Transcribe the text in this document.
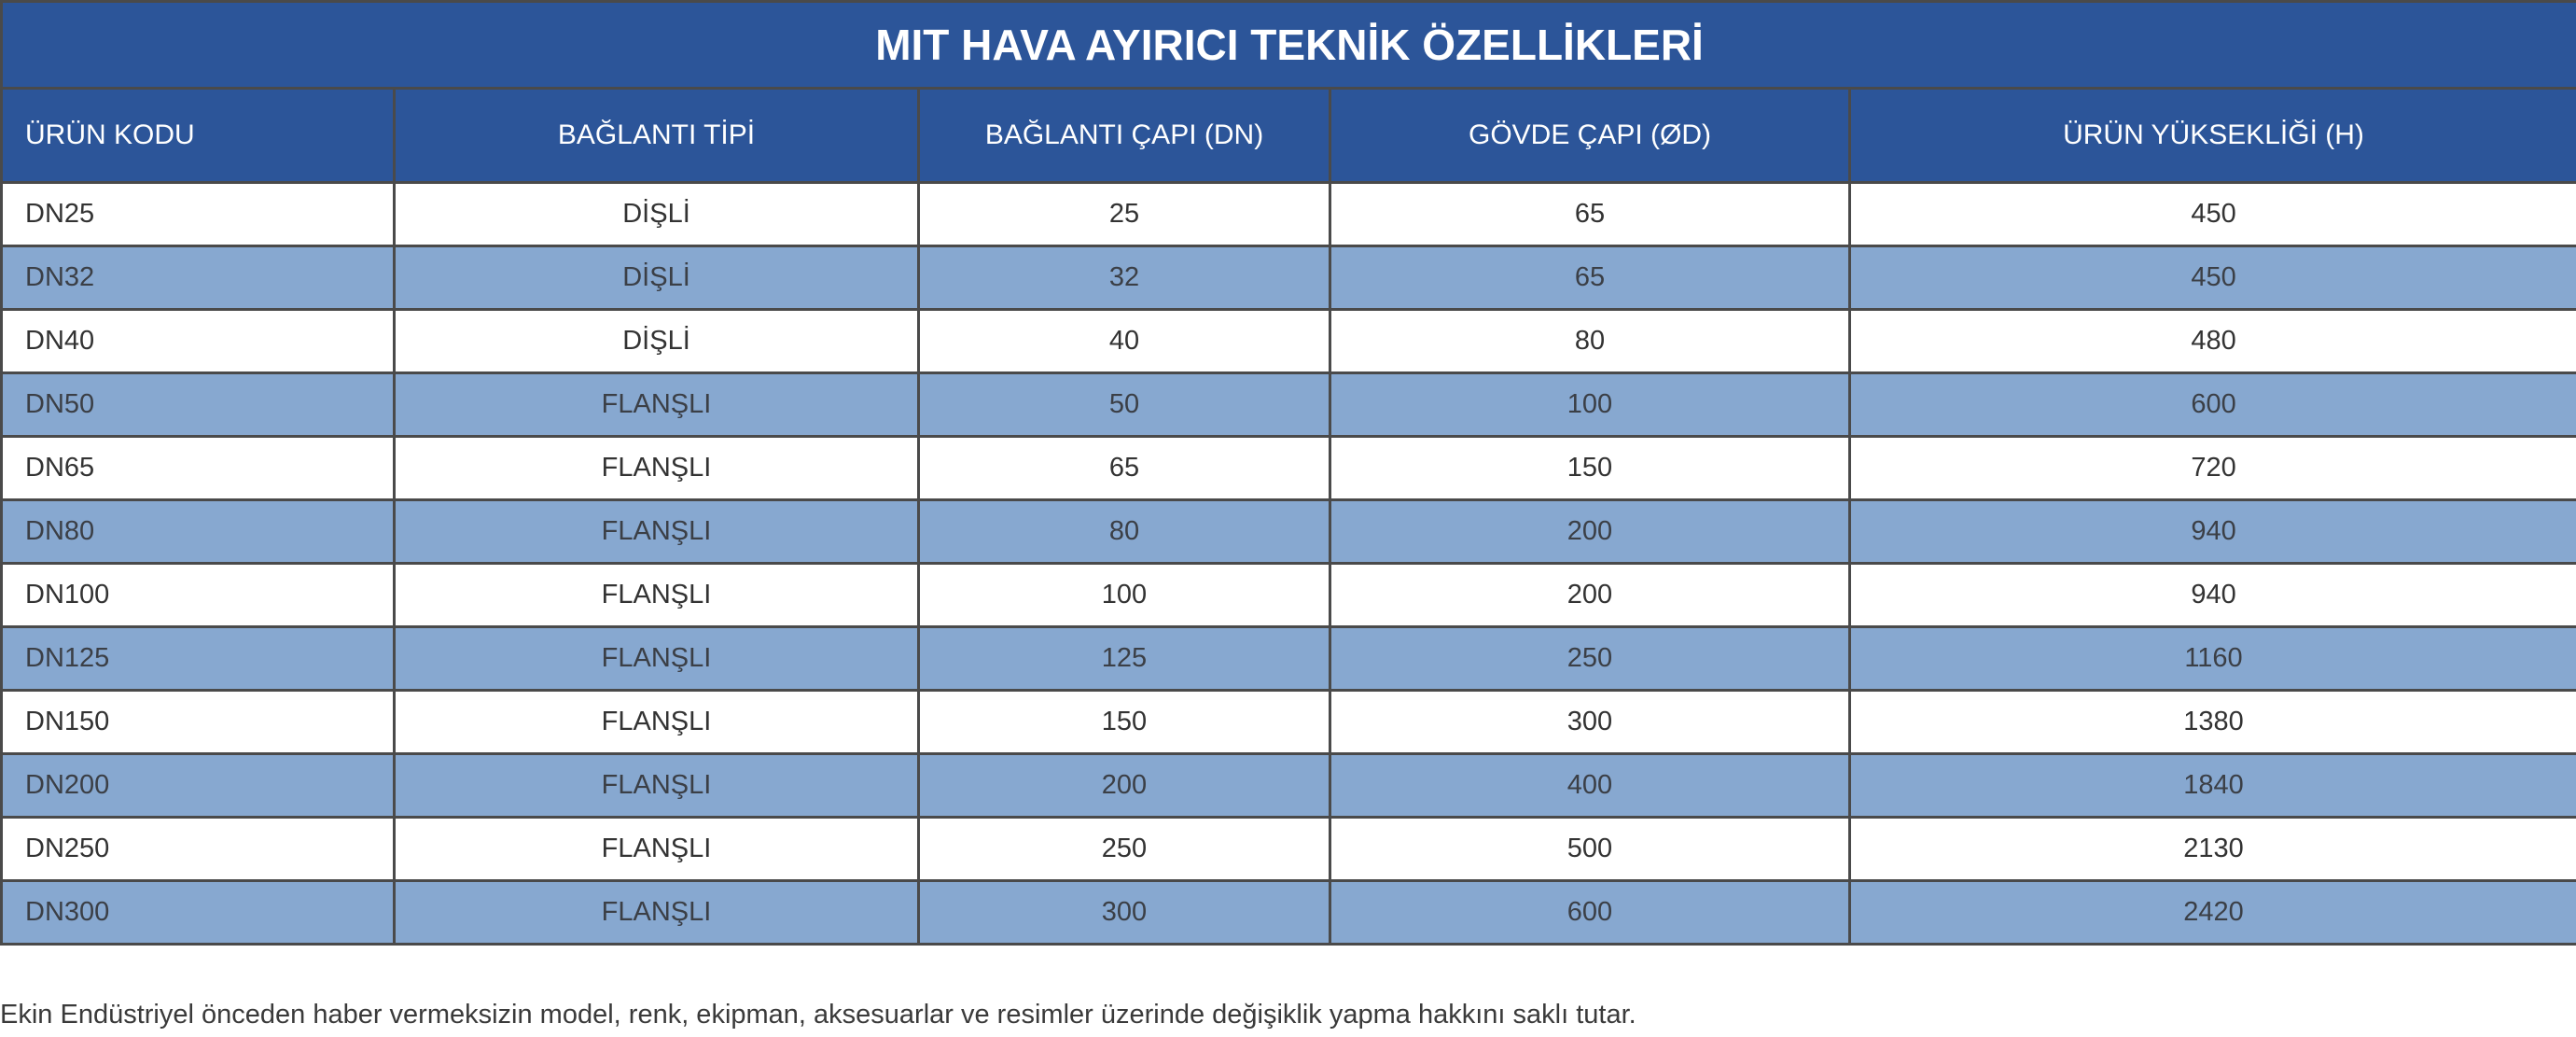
MIT HAVA AYIRICI TEKNİK ÖZELLİKLERİ				
ÜRÜN KODU	BAĞLANTI TİPİ	BAĞLANTI ÇAPI (DN)	GÖVDE ÇAPI (ØD)	ÜRÜN YÜKSEKLİĞİ (H)
DN25	DİŞLİ	25	65	450
DN32	DİŞLİ	32	65	450
DN40	DİŞLİ	40	80	480
DN50	FLANŞLI	50	100	600
DN65	FLANŞLI	65	150	720
DN80	FLANŞLI	80	200	940
DN100	FLANŞLI	100	200	940
DN125	FLANŞLI	125	250	1160
DN150	FLANŞLI	150	300	1380
DN200	FLANŞLI	200	400	1840
DN250	FLANŞLI	250	500	2130
DN300	FLANŞLI	300	600	2420
Ekin Endüstriyel önceden haber vermeksizin model, renk, ekipman, aksesuarlar ve resimler üzerinde değişiklik yapma hakkını saklı tutar.
